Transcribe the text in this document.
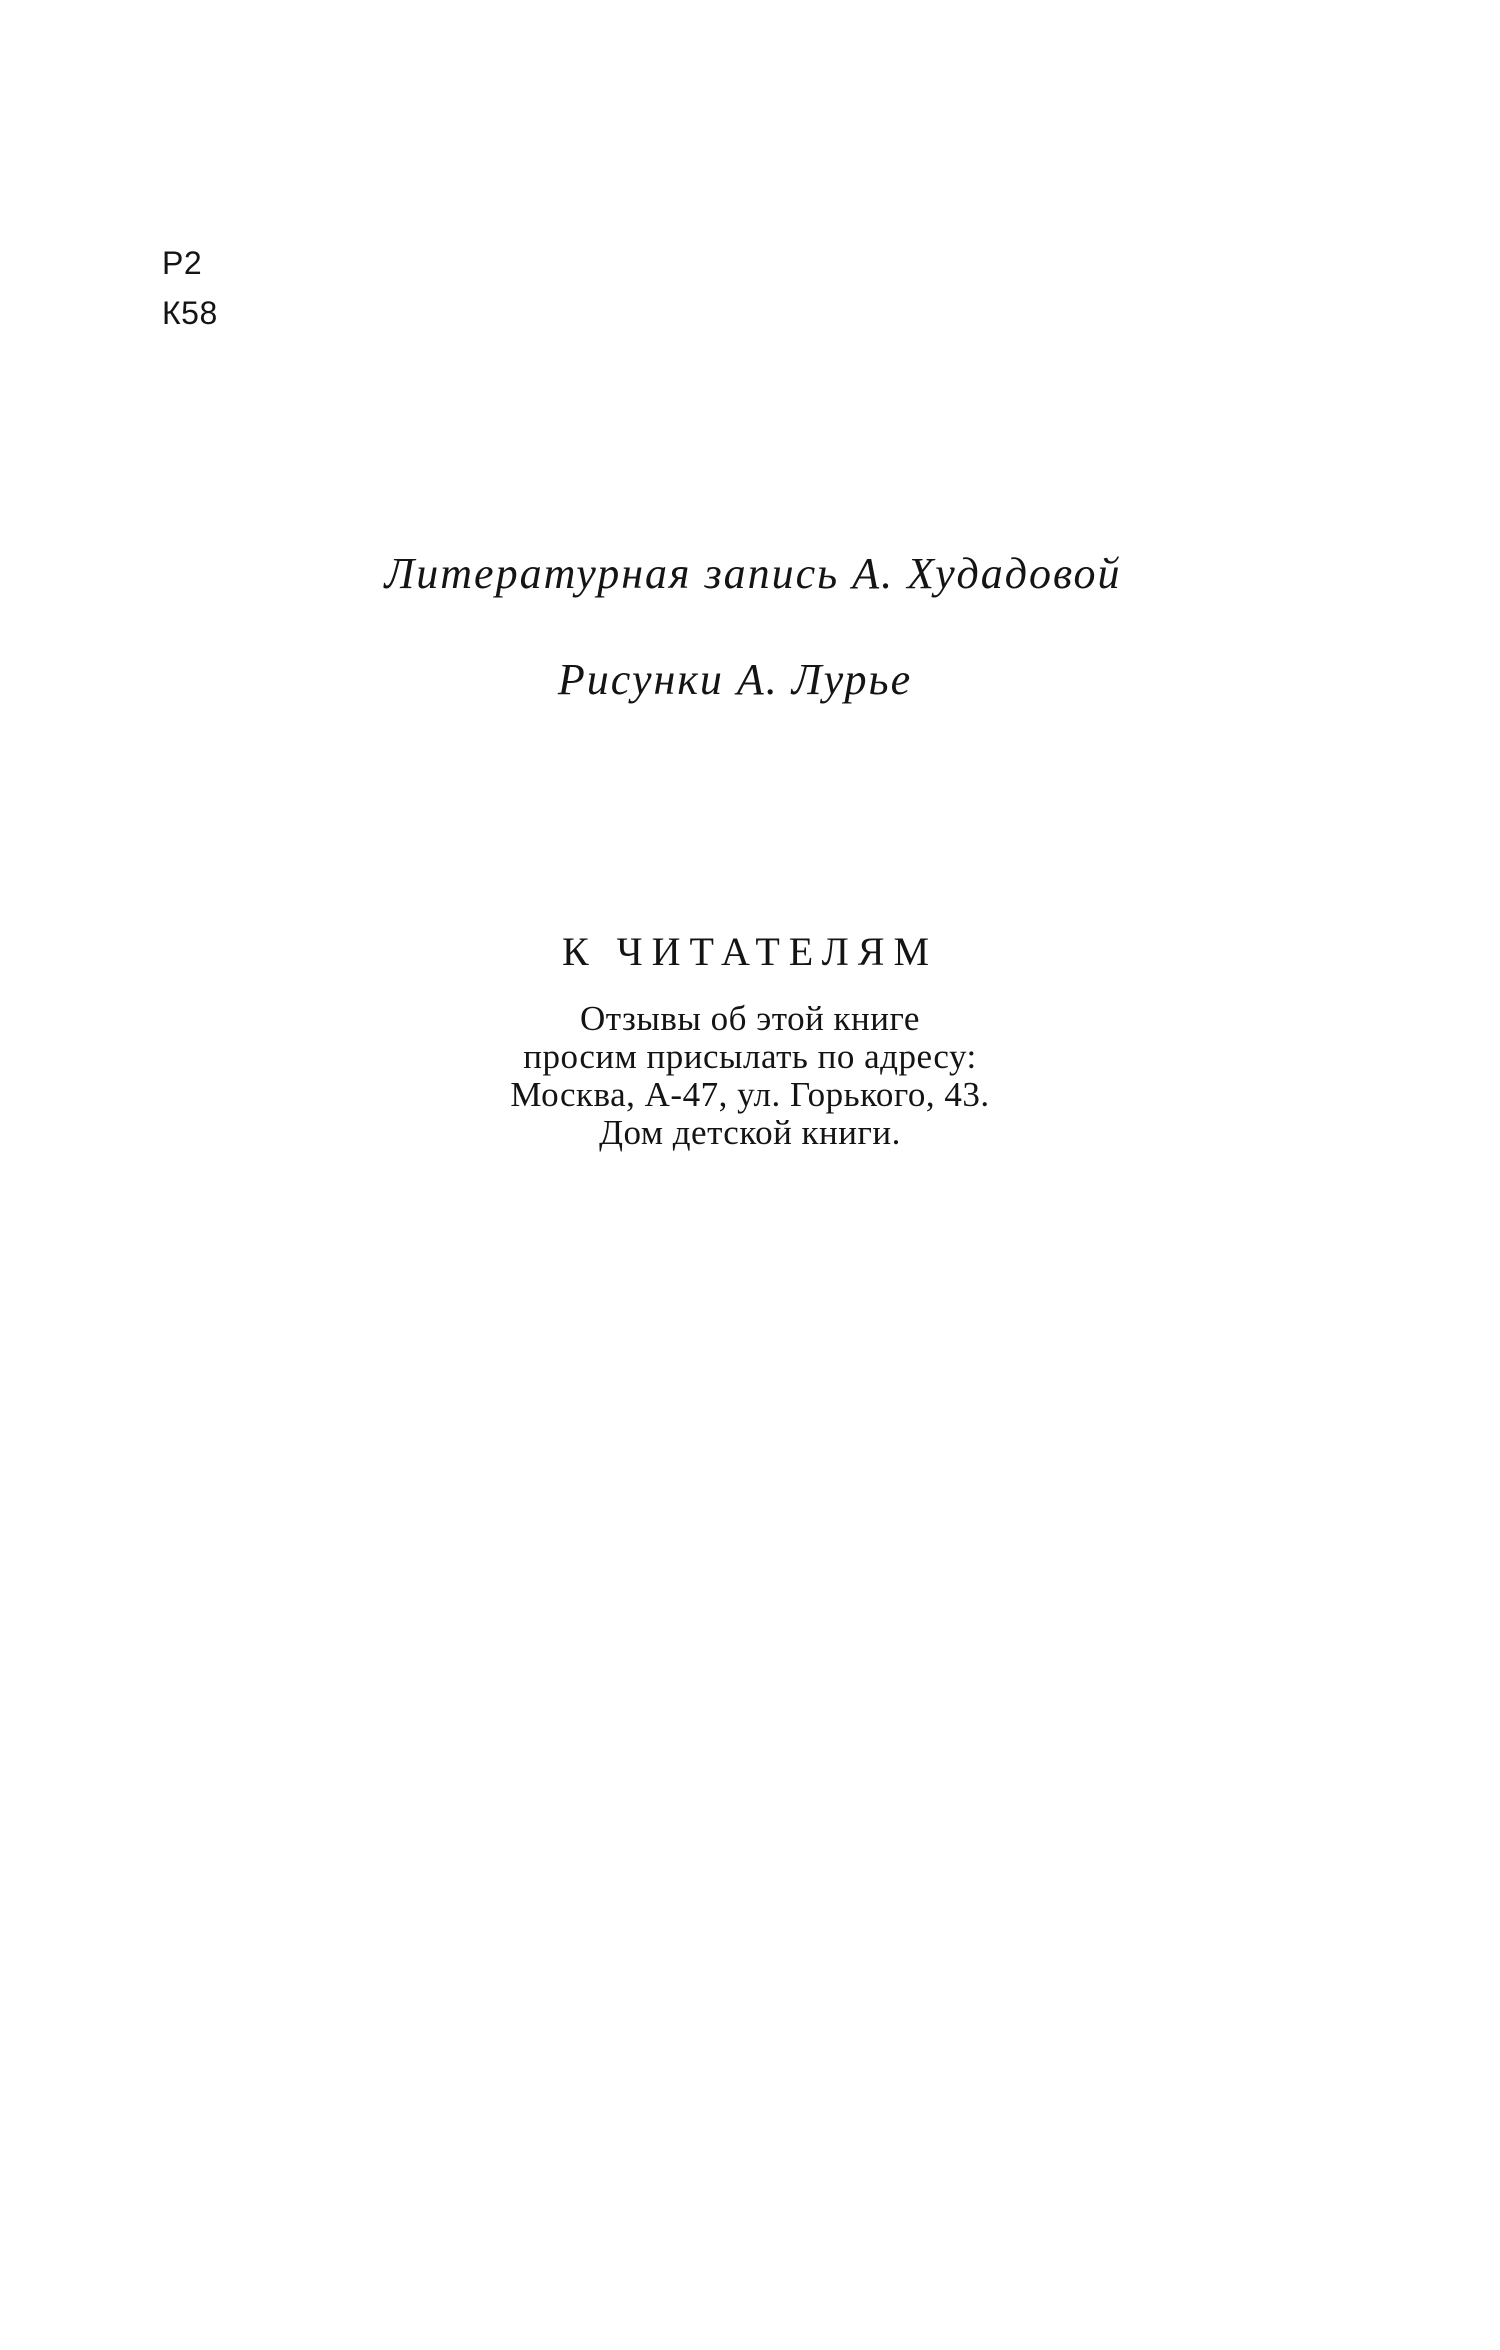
Р2
К58
Литературная запись А. Худадовой
Рисунки А. Лурье
К ЧИТАТЕЛЯМ
Отзывы об этой книге
просим присылать по адресу:
Москва, А-47, ул. Горького, 43.
Дом детской книги.
